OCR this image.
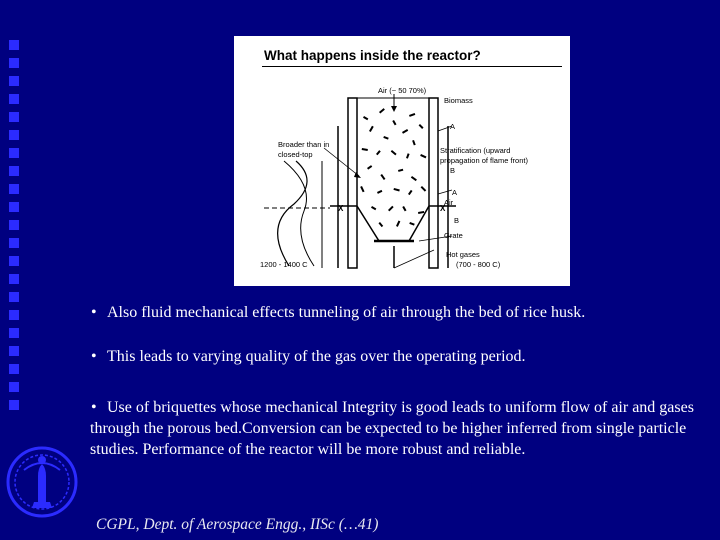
What happens inside the reactor?
Air (~ 50 70%)
Biomass
A
Stratification (upward
propagation of flame front)
B
Broader than in
closed-top
A
Air
X	X
B
Grate
Hot gases
(700 - 800 C)
1200 - 1400 C
• Also fluid mechanical effects tunneling of air through the bed of rice husk.
• This leads to varying quality of the gas over the operating period.
• Use of briquettes whose mechanical Integrity is good leads to uniform flow of air and gases through the porous bed.Conversion can be expected to be higher inferred from single particle studies. Performance of the reactor will be more robust and reliable.
CGPL, Dept. of Aerospace Engg., IISc (…41)
